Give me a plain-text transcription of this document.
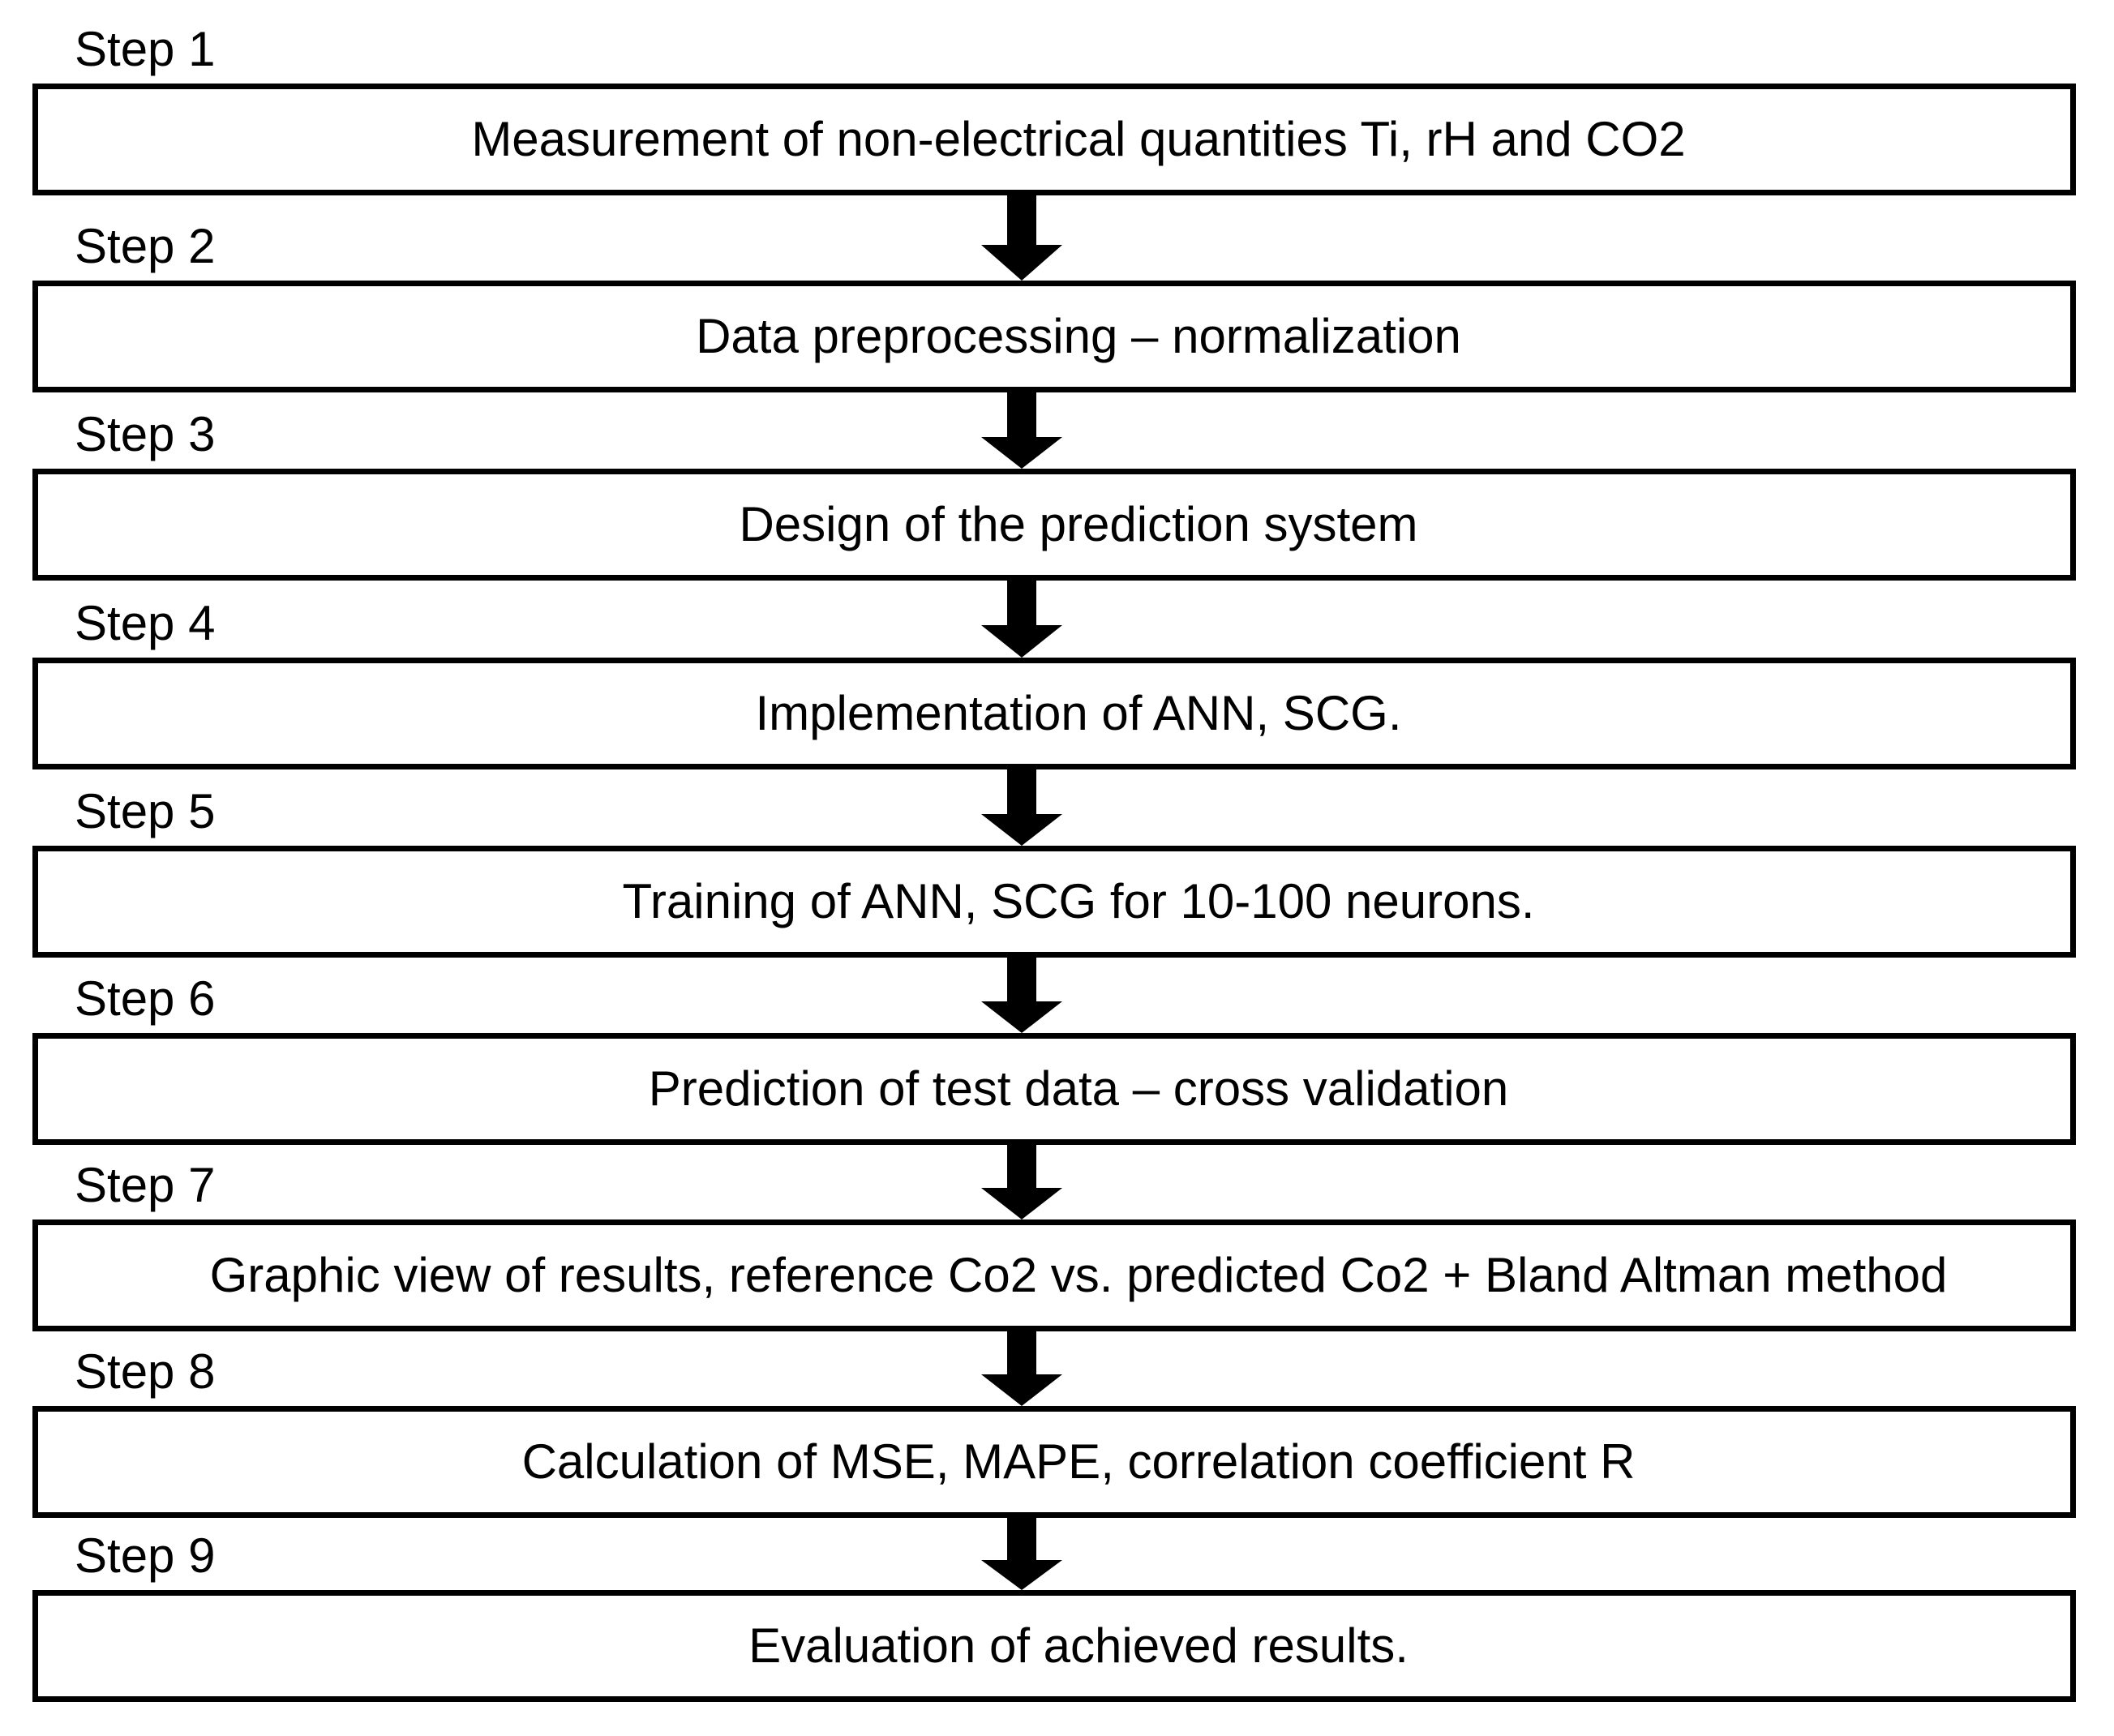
Step 1
Measurement of non-electrical quantities Ti, rH and CO2
Step 2
Data preprocessing – normalization
Step 3
Design of the prediction system
Step 4
Implementation of ANN, SCG.
Step 5
Training of ANN, SCG for 10-100 neurons.
Step 6
Prediction of test data – cross validation
Step 7
Graphic view of results, reference Co2 vs. predicted Co2 + Bland Altman method
Step 8
Calculation of MSE, MAPE, correlation coefficient R
Step 9
Evaluation of achieved results.
